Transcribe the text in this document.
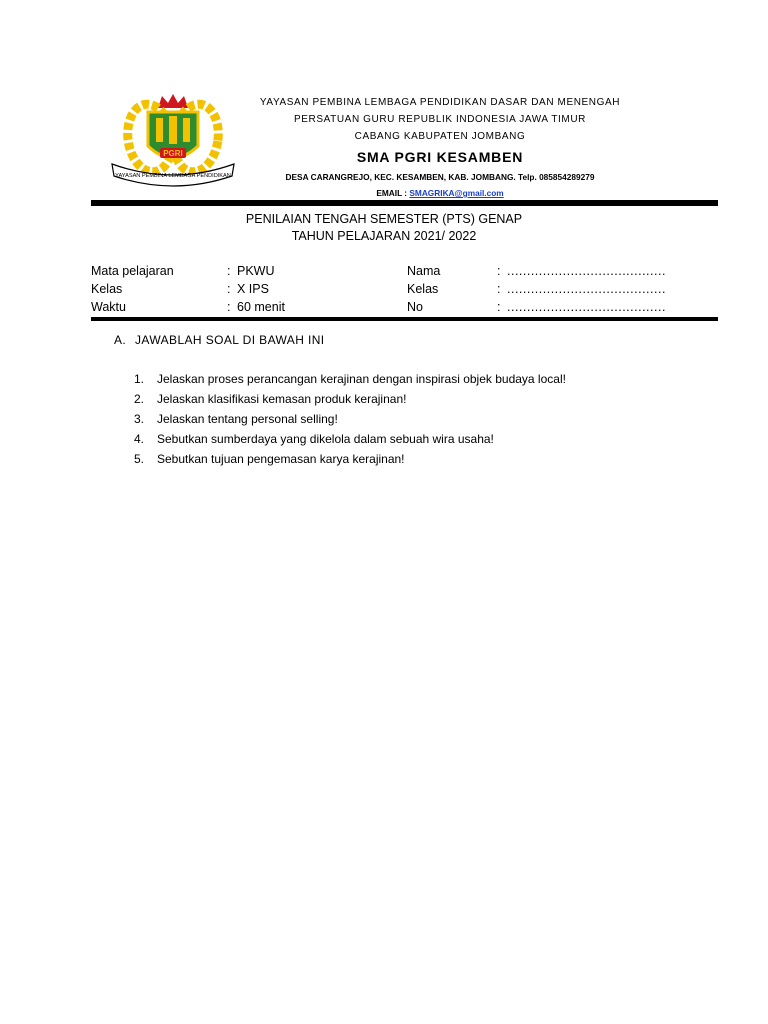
PGRI
YAYASAN PEMBINA LEMBAGA PENDIDIKAN
YAYASAN PEMBINA LEMBAGA PENDIDIKAN DASAR DAN MENENGAH
PERSATUAN GURU REPUBLIK INDONESIA JAWA TIMUR
CABANG KABUPATEN JOMBANG
SMA PGRI KESAMBEN
DESA CARANGREJO, KEC. KESAMBEN, KAB. JOMBANG. Telp. 085854289279
EMAIL : SMAGRIKA@gmail.com
PENILAIAN TENGAH SEMESTER (PTS) GENAP
TAHUN PELAJARAN 2021/ 2022
Mata pelajaran	: PKWU
Kelas	: X IPS
Waktu	: 60 menit
Nama	: ........................................
Kelas	: ........................................
No	: ........................................
A. JAWABLAH SOAL DI BAWAH INI
1. Jelaskan proses perancangan kerajinan dengan inspirasi objek budaya local!
2. Jelaskan klasifikasi kemasan produk kerajinan!
3. Jelaskan tentang personal selling!
4. Sebutkan sumberdaya yang dikelola dalam sebuah wira usaha!
5. Sebutkan tujuan pengemasan karya kerajinan!
